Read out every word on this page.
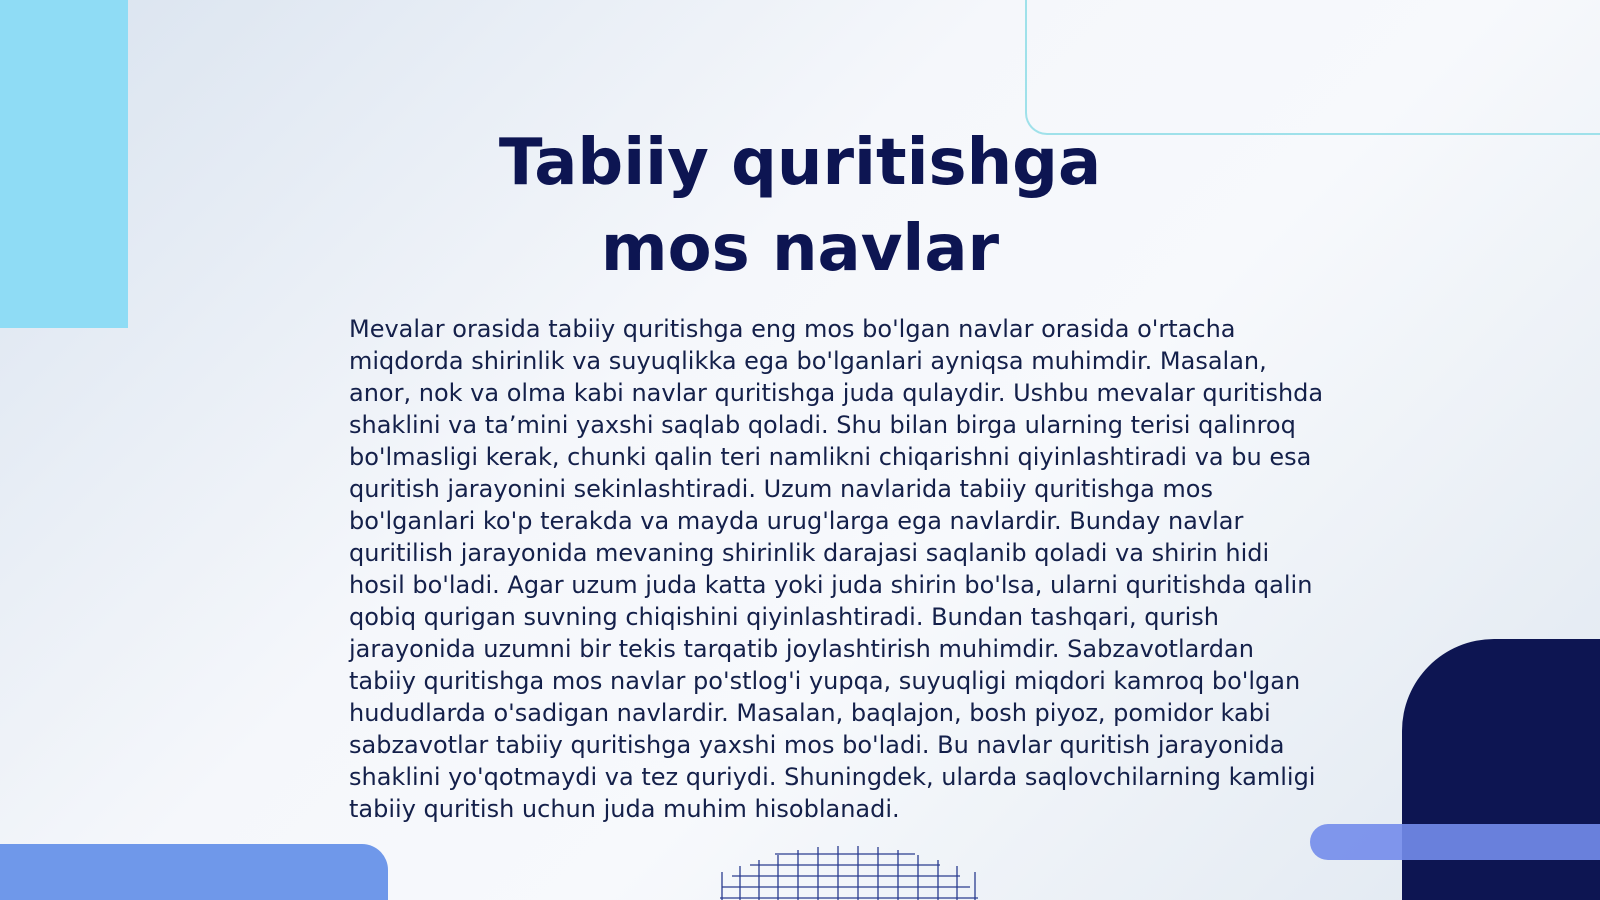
Tabiiy quritishga
mos navlar

Mevalar orasida tabiiy quritishga eng mos bo'lgan navlar orasida o'rtacha
miqdorda shirinlik va suyuqlikka ega bo'lganlari ayniqsa muhimdir. Masalan,
anor, nok va olma kabi navlar quritishga juda qulaydir. Ushbu mevalar quritishda
shaklini va ta’mini yaxshi saqlab qoladi. Shu bilan birga ularning terisi qalinroq
bo'lmasligi kerak, chunki qalin teri namlikni chiqarishni qiyinlashtiradi va bu esa
quritish jarayonini sekinlashtiradi. Uzum navlarida tabiiy quritishga mos
bo'lganlari ko'p terakda va mayda urug'larga ega navlardir. Bunday navlar
quritilish jarayonida mevaning shirinlik darajasi saqlanib qoladi va shirin hidi
hosil bo'ladi. Agar uzum juda katta yoki juda shirin bo'lsa, ularni quritishda qalin
qobiq qurigan suvning chiqishini qiyinlashtiradi. Bundan tashqari, qurish
jarayonida uzumni bir tekis tarqatib joylashtirish muhimdir. Sabzavotlardan
tabiiy quritishga mos navlar po'stlog'i yupqa, suyuqligi miqdori kamroq bo'lgan
hududlarda o'sadigan navlardir. Masalan, baqlajon, bosh piyoz, pomidor kabi
sabzavotlar tabiiy quritishga yaxshi mos bo'ladi. Bu navlar quritish jarayonida
shaklini yo'qotmaydi va tez quriydi. Shuningdek, ularda saqlovchilarning kamligi
tabiiy quritish uchun juda muhim hisoblanadi.
